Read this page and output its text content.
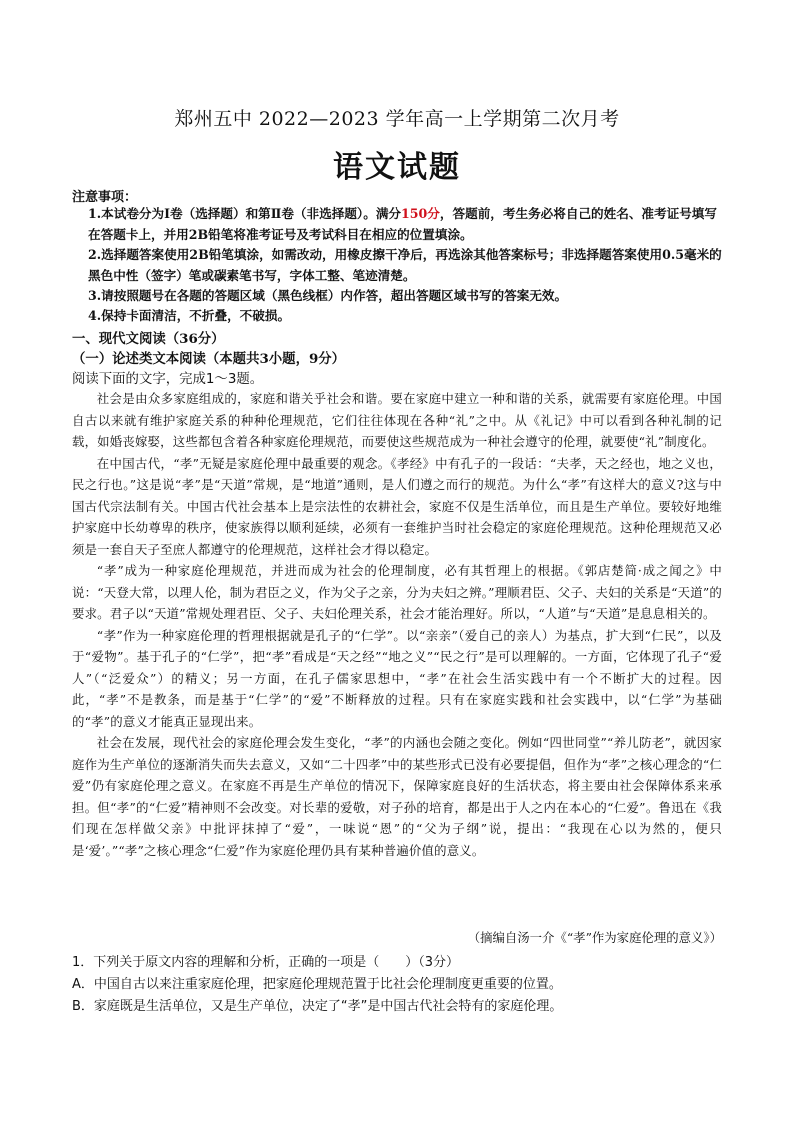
郑州五中 2022—2023 学年高一上学期第二次月考
语文试题
注意事项：
1.本试卷分为Ⅰ卷（选择题）和第Ⅱ卷（非选择题）。满分150分，答题前，考生务必将自己的姓名、准考证号填写在答题卡上，并用2B铅笔将准考证号及考试科目在相应的位置填涂。
2.选择题答案使用2B铅笔填涂，如需改动，用橡皮擦干净后，再选涂其他答案标号；非选择题答案使用0.5毫米的黑色中性（签字）笔或碳素笔书写，字体工整、笔迹清楚。
3.请按照题号在各题的答题区域（黑色线框）内作答，超出答题区域书写的答案无效。
4.保持卡面清洁，不折叠，不破损。
一、现代文阅读（36分）
（一）论述类文本阅读（本题共3小题，9分）
阅读下面的文字，完成1～3题。

社会是由众多家庭组成的，家庭和谐关乎社会和谐。要在家庭中建立一种和谐的关系，就需要有家庭伦理。中国自古以来就有维护家庭关系的种种伦理规范，它们往往体现在各种“礼”之中。从《礼记》中可以看到各种礼制的记载，如婚丧嫁娶，这些都包含着各种家庭伦理规范，而要使这些规范成为一种社会遵守的伦理，就要使“礼”制度化。

在中国古代，“孝”无疑是家庭伦理中最重要的观念。《孝经》中有孔子的一段话：“夫孝，天之经也，地之义也，民之行也。”这是说“孝”是“天道”常规，是“地道”通则，是人们遵之而行的规范。为什么“孝”有这样大的意义?这与中国古代宗法制有关。中国古代社会基本上是宗法性的农耕社会，家庭不仅是生活单位，而且是生产单位。要较好地维护家庭中长幼尊卑的秩序，使家族得以顺利延续，必须有一套维护当时社会稳定的家庭伦理规范。这种伦理规范又必须是一套自天子至庶人都遵守的伦理规范，这样社会才得以稳定。

“孝”成为一种家庭伦理规范，并进而成为社会的伦理制度，必有其哲理上的根据。《郭店楚简·成之闻之》中说：“天登大常，以理人伦，制为君臣之义，作为父子之亲，分为夫妇之辨。”理顺君臣、父子、夫妇的关系是“天道”的要求。君子以“天道”常规处理君臣、父子、夫妇伦理关系，社会才能治理好。所以，“人道”与“天道”是息息相关的。

“孝”作为一种家庭伦理的哲理根据就是孔子的“仁学”。以“亲亲”（爱自己的亲人）为基点，扩大到“仁民”，以及于“爱物”。基于孔子的“仁学”，把“孝”看成是“天之经”“地之义”“民之行”是可以理解的。一方面，它体现了孔子“爱人”（“泛爱众”）的精义；另一方面，在孔子儒家思想中，“孝”在社会生活实践中有一个不断扩大的过程。因此，“孝”不是教条，而是基于“仁学”的“爱”不断释放的过程。只有在家庭实践和社会实践中，以“仁学”为基础的“孝”的意义才能真正显现出来。

社会在发展，现代社会的家庭伦理会发生变化，“孝”的内涵也会随之变化。例如“四世同堂”“养儿防老”，就因家庭作为生产单位的逐渐消失而失去意义，又如“二十四孝”中的某些形式已没有必要提倡，但作为“孝”之核心理念的“仁爱”仍有家庭伦理之意义。在家庭不再是生产单位的情况下，保障家庭良好的生活状态，将主要由社会保障体系来承担。但“孝”的“仁爱”精神则不会改变。对长辈的爱敬，对子孙的培育，都是出于人之内在本心的“仁爱”。鲁迅在《我们现在怎样做父亲》中批评抹掉了“爱”，一味说“恩”的“父为子纲”说，提出：“我现在心以为然的，便只是‘爱’。”“孝”之核心理念“仁爱”作为家庭伦理仍具有某种普遍价值的意义。

（摘编自汤一介《“孝”作为家庭伦理的意义》）
1．下列关于原文内容的理解和分析，正确的一项是（　　）（3分）
A．中国自古以来注重家庭伦理，把家庭伦理规范置于比社会伦理制度更重要的位置。
B．家庭既是生活单位，又是生产单位，决定了“孝”是中国古代社会特有的家庭伦理。
